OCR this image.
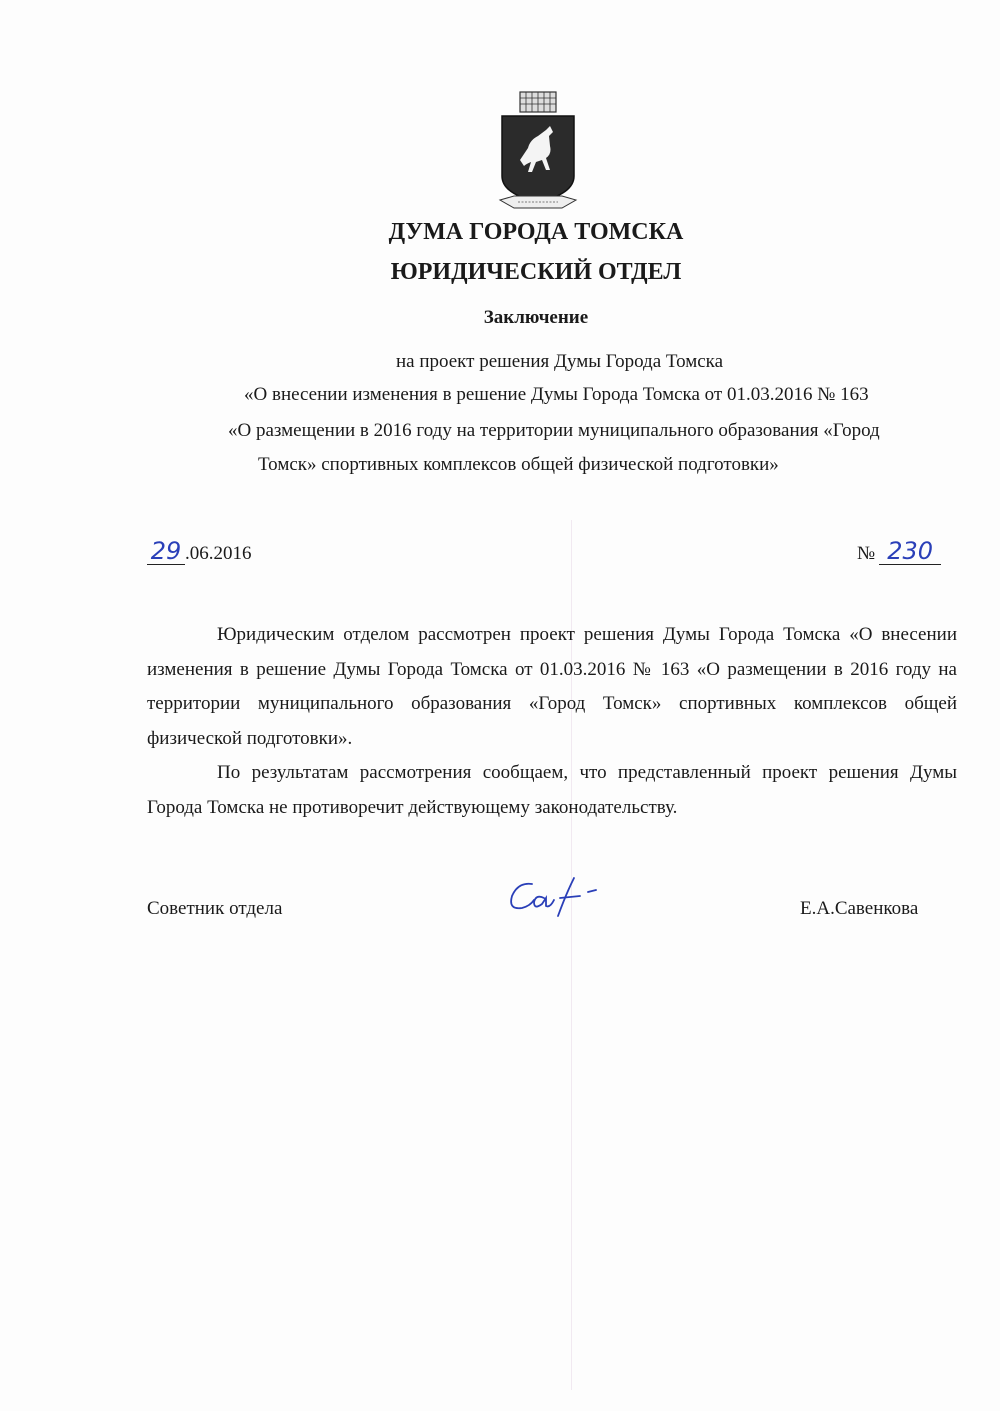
ДУМА ГОРОДА ТОМСКА
ЮРИДИЧЕСКИЙ ОТДЕЛ
Заключение
на проект решения Думы Города Томска
«О внесении изменения в решение Думы Города Томска от 01.03.2016 № 163
«О размещении в 2016 году на территории муниципального образования «Город
Томск» спортивных комплексов общей физической подготовки»
29 .06.2016	№ 230

Юридическим отделом рассмотрен проект решения Думы Города Томска «О внесении изменения в решение Думы Города Томска от 01.03.2016 № 163 «О размещении в 2016 году на территории муниципального образования «Город Томск» спортивных комплексов общей физической подготовки».

По результатам рассмотрения сообщаем, что представленный проект решения Думы Города Томска не противоречит действующему законодательству.

Советник отдела	Е.А.Савенкова
